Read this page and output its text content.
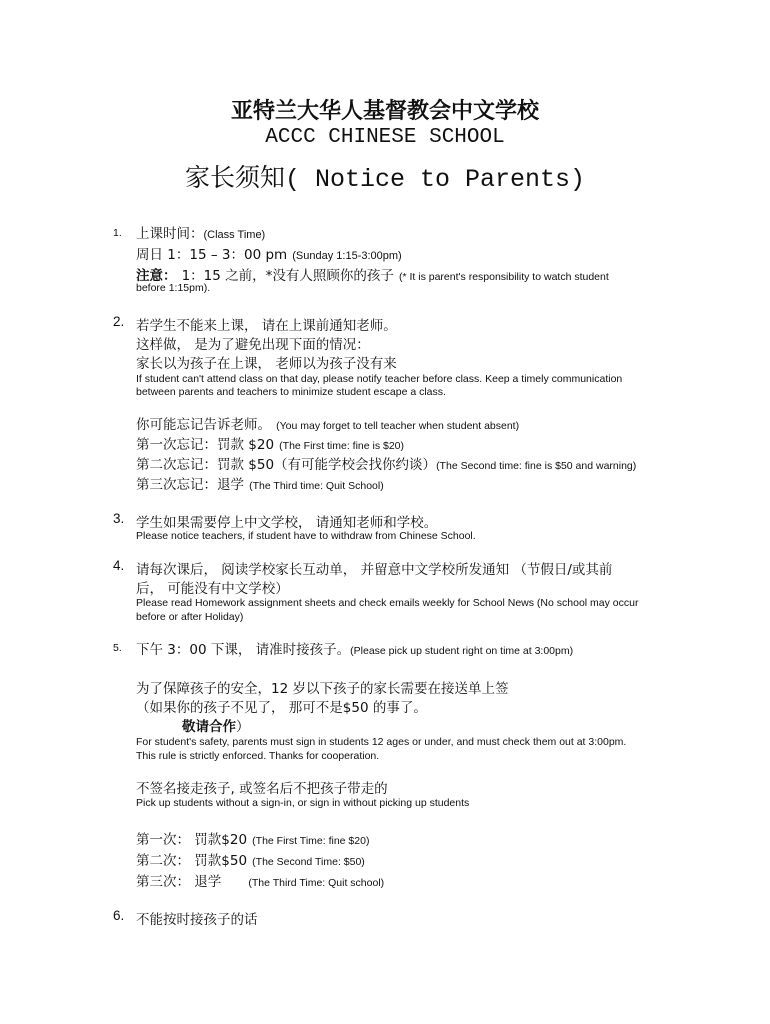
亚特兰大华人基督教会中文学校
ACCC CHINESE SCHOOL
家长须知( Notice to Parents)
1. 上课时间：(Class Time)
周日 1：15 – 3：00 pm (Sunday 1:15-3:00pm)
注意： 1：15 之前，*没有人照顾你的孩子 (* It is parent's responsibility to watch student
before 1:15pm).
2. 若学生不能来上课， 请在上课前通知老师。
这样做， 是为了避免出现下面的情况：
家长以为孩子在上课， 老师以为孩子没有来
If student can't attend class on that day, please notify teacher before class. Keep a timely communication
between parents and teachers to minimize student escape a class.
你可能忘记告诉老师。 (You may forget to tell teacher when student absent)
第一次忘记：罚款 $20 (The First time: fine is $20)
第二次忘记：罚款 $50（有可能学校会找你约谈）(The Second time: fine is $50 and warning)
第三次忘记：退学 (The Third time: Quit School)
3. 学生如果需要停上中文学校， 请通知老师和学校。
Please notice teachers, if student have to withdraw from Chinese School.
4. 请每次课后， 阅读学校家长互动单， 并留意中文学校所发通知 （节假日/或其前
后， 可能没有中文学校）
Please read Homework assignment sheets and check emails weekly for School News (No school may occur
before or after Holiday)
5. 下午 3：00 下课， 请准时接孩子。(Please pick up student right on time at 3:00pm)
为了保障孩子的安全，12 岁以下孩子的家长需要在接送单上签
（如果你的孩子不见了， 那可不是$50 的事了。
敬请合作）
For student's safety, parents must sign in students 12 ages or under, and must check them out at 3:00pm.
This rule is strictly enforced. Thanks for cooperation.
不签名接走孩子, 或签名后不把孩子带走的
Pick up students without a sign-in, or sign in without picking up students
第一次： 罚款$20 (The First Time: fine $20)
第二次： 罚款$50 (The Second Time: $50)
第三次： 退学	(The Third Time: Quit school)
6. 不能按时接孩子的话
